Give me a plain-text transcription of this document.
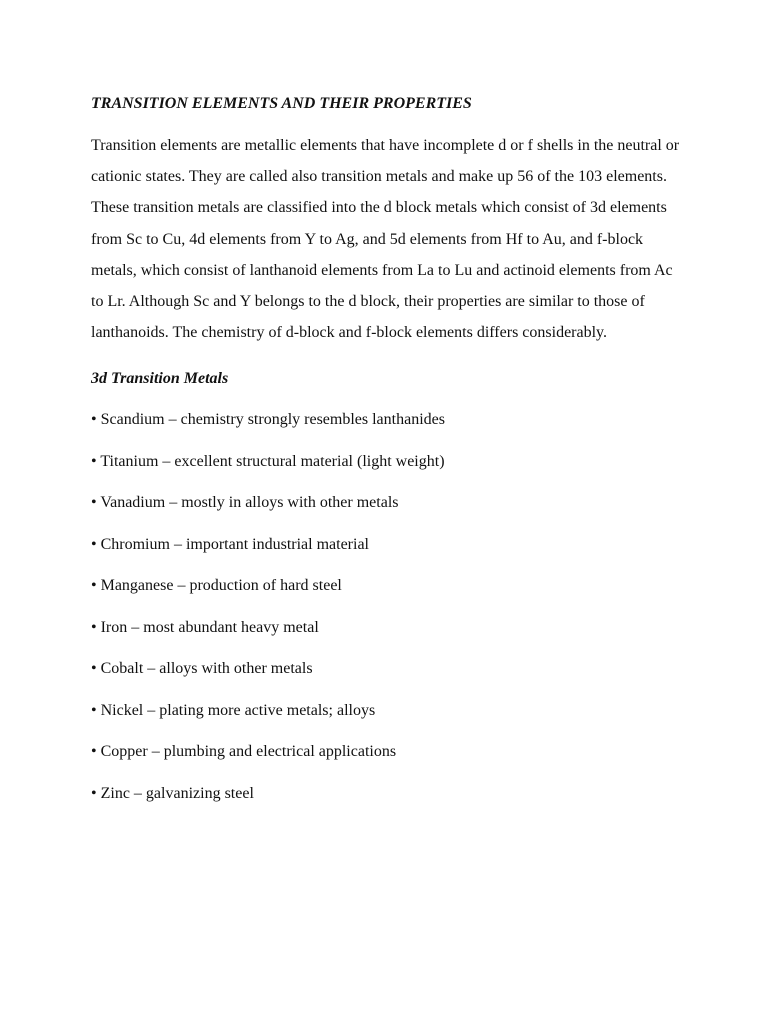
TRANSITION ELEMENTS AND THEIR PROPERTIES

Transition elements are metallic elements that have incomplete d or f shells in the neutral or cationic states. They are called also transition metals and make up 56 of the 103 elements. These transition metals are classified into the d block metals which consist of 3d elements from Sc to Cu, 4d elements from Y to Ag, and 5d elements from Hf to Au, and f-block metals, which consist of lanthanoid elements from La to Lu and actinoid elements from Ac to Lr. Although Sc and Y belongs to the d block, their properties are similar to those of lanthanoids. The chemistry of d-block and f-block elements differs considerably.

3d Transition Metals
• Scandium – chemistry strongly resembles lanthanides
• Titanium – excellent structural material (light weight)
• Vanadium – mostly in alloys with other metals
• Chromium – important industrial material
• Manganese – production of hard steel
• Iron – most abundant heavy metal
• Cobalt – alloys with other metals
• Nickel – plating more active metals; alloys
• Copper – plumbing and electrical applications
• Zinc – galvanizing steel
